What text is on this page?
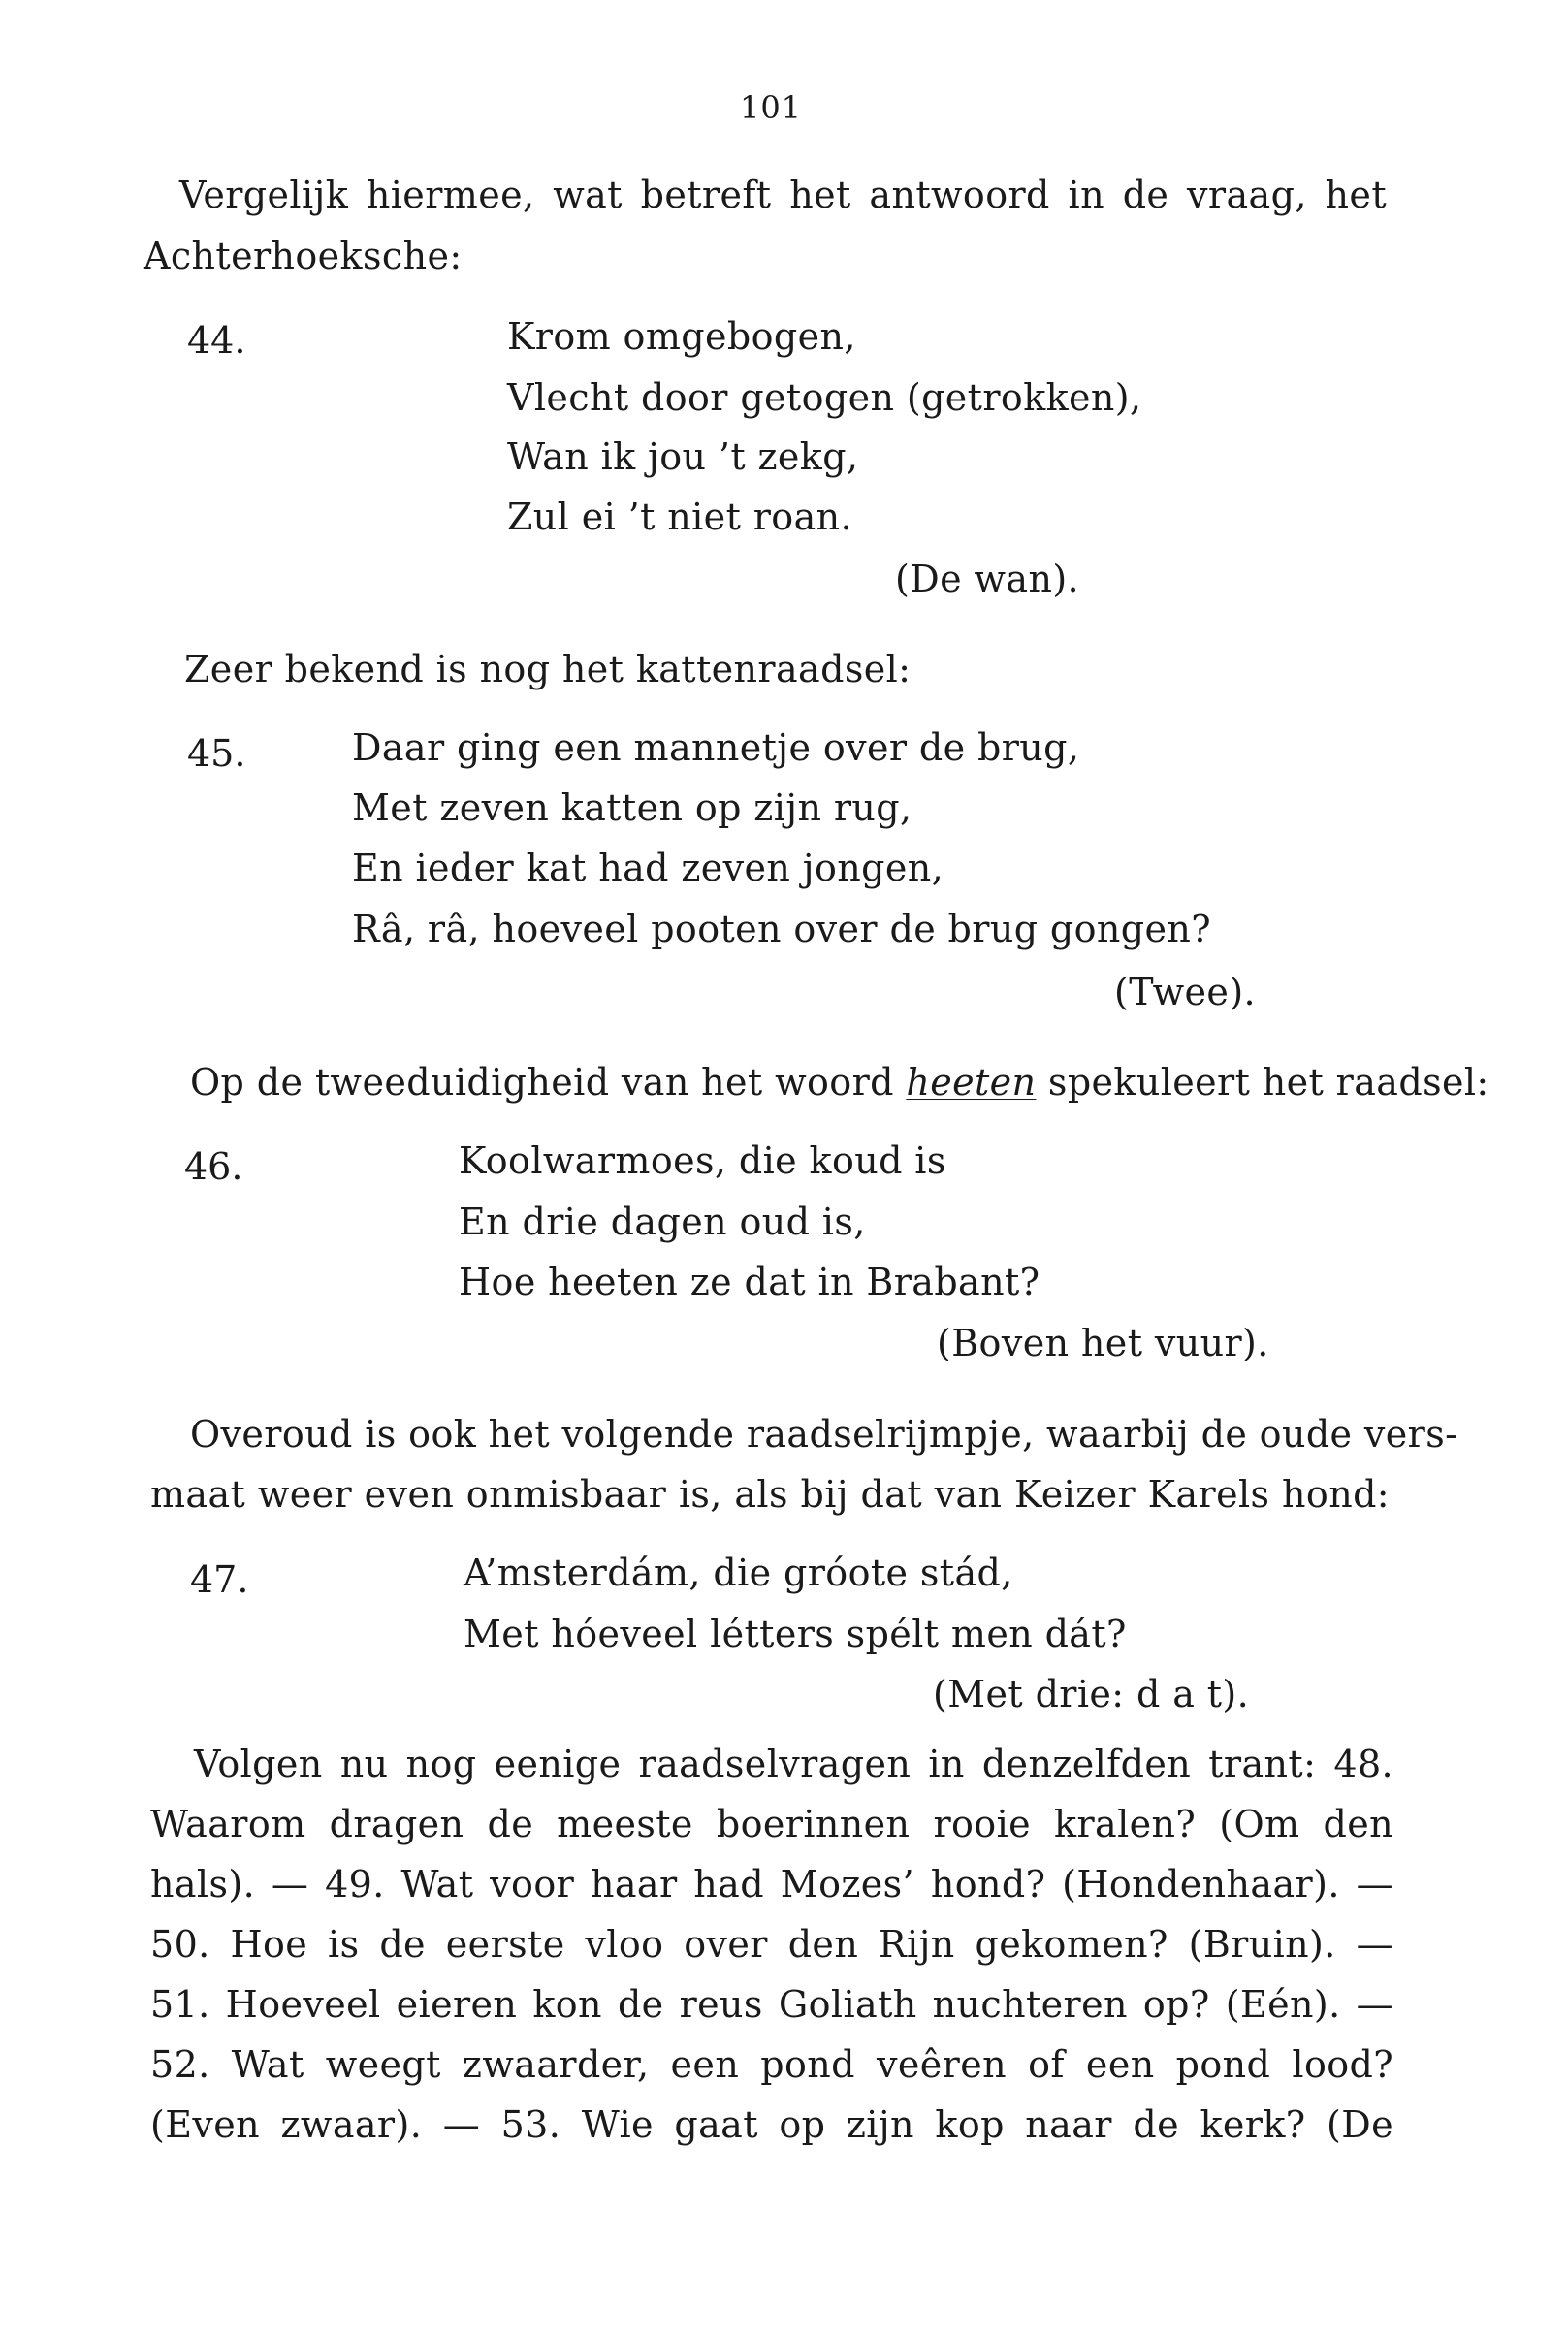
101
Vergelijk hiermee, wat betreft het antwoord in de vraag, het
Achterhoeksche:
44.	Krom omgebogen,
Vlecht door getogen (getrokken),
Wan ik jou ’t zekg,
Zul ei ’t niet roan.
(De wan).
Zeer bekend is nog het kattenraadsel:
45.	Daar ging een mannetje over de brug,
Met zeven katten op zijn rug,
En ieder kat had zeven jongen,
Râ, râ, hoeveel pooten over de brug gongen?
(Twee).
Op de tweeduidigheid van het woord heeten spekuleert het raadsel:
46.	Koolwarmoes, die koud is
En drie dagen oud is,
Hoe heeten ze dat in Brabant?
(Boven het vuur).
Overoud is ook het volgende raadselrijmpje, waarbij de oude vers-
maat weer even onmisbaar is, als bij dat van Keizer Karels hond:
47.	A’msterdám, die gróote stád,
Met hóeveel létters spélt men dát?
(Met drie: d a t).
Volgen nu nog eenige raadselvragen in denzelfden trant: 48.
Waarom dragen de meeste boerinnen rooie kralen? (Om den
hals). — 49. Wat voor haar had Mozes’ hond? (Hondenhaar). —
50. Hoe is de eerste vloo over den Rijn gekomen? (Bruin). —
51. Hoeveel eieren kon de reus Goliath nuchteren op? (Eén). —
52. Wat weegt zwaarder, een pond veêren of een pond lood?
(Even zwaar). — 53. Wie gaat op zijn kop naar de kerk? (De
